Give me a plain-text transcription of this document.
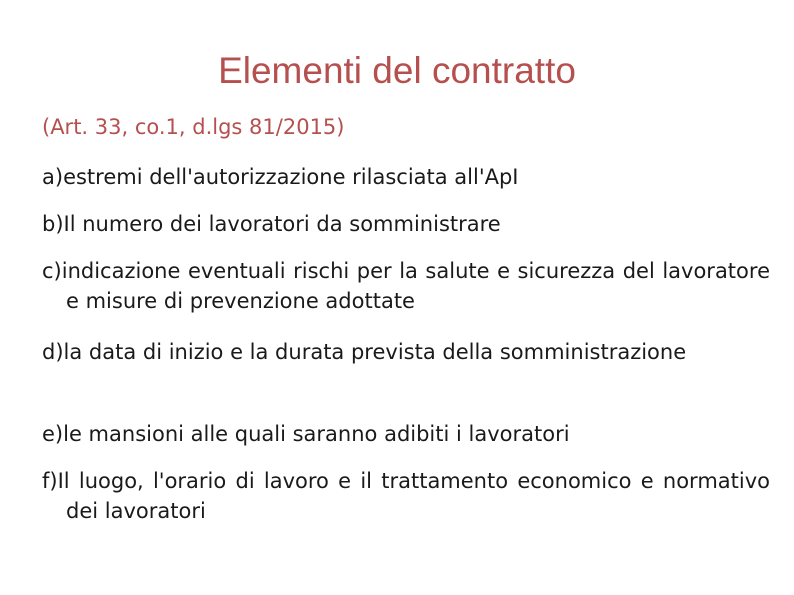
Elementi del contratto

(Art. 33, co.1, d.lgs 81/2015)

a)estremi dell'autorizzazione rilasciata all'ApI

b)Il numero dei lavoratori da somministrare

c)indicazione eventuali rischi per la salute e sicurezza del lavoratore e misure di prevenzione adottate

d)la data di inizio e la durata prevista della somministrazione

e)le mansioni alle quali saranno adibiti i lavoratori

f)Il luogo, l'orario di lavoro e il trattamento economico e normativo dei lavoratori
